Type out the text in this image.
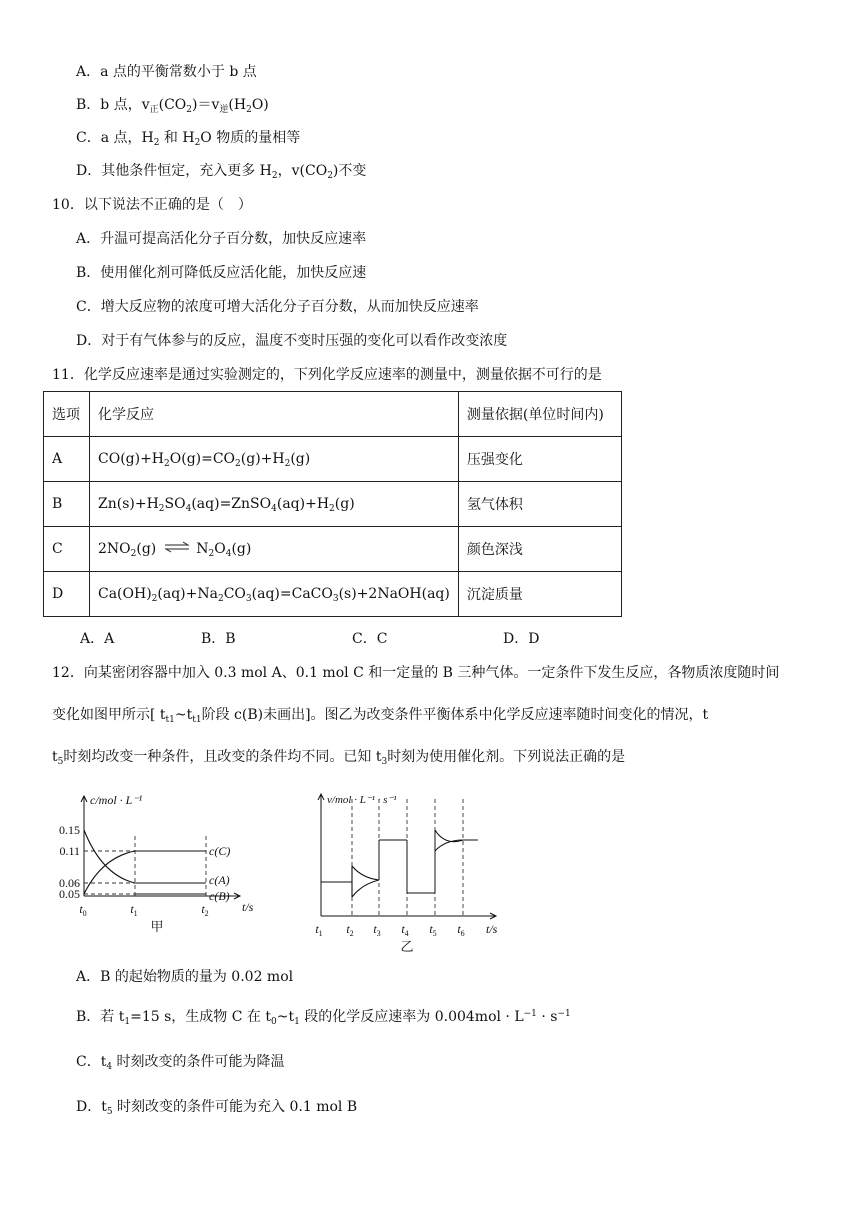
A．a 点的平衡常数小于 b 点
B．b 点，$v_正(CO_2)=v_逆(H_2O)$
C．a 点，$H_2$ 和 $H_2O$ 物质的量相等
D．其他条件恒定，充入更多 $H_2$，$v(CO_2)$不变
10．以下说法不正确的是（　）
A．升温可提高活化分子百分数，加快反应速率
B．使用催化剂可降低反应活化能，加快反应速
C．增大反应物的浓度可增大活化分子百分数，从而加快反应速率
D．对于有气体参与的反应，温度不变时压强的变化可以看作改变浓度
11．化学反应速率是通过实验测定的，下列化学反应速率的测量中，测量依据不可行的是
选项	化学反应	测量依据(单位时间内)
A	$CO(g)+H_2O(g)=CO_2(g)+H_2(g)$	压强变化
B	$Zn(s)+H_2SO_4(aq)=ZnSO_4(aq)+H_2(g)$	氢气体积
C	$2NO_2(g)$ ⇌ $N_2O_4(g)$	颜色深浅
D	$Ca(OH)_2(aq)+Na_2CO_3(aq)=CaCO_3(s)+2NaOH(aq)$	沉淀质量
A．A	B．B	C．C	D．D
12．向某密闭容器中加入 0.3 mol A、0.1 mol C 和一定量的 B 三种气体。一定条件下发生反应，各物质浓度随时间
变化如图甲所示[ $t_{t1}\sim t_{t1}$阶段 c(B)未画出]。图乙为改变条件平衡体系中化学反应速率随时间变化的情况，t
$t_5$时刻均改变一种条件，且改变的条件均不同。已知 $t_3$时刻为使用催化剂。下列说法正确的是
c/mol · L⁻¹
t/s
0.15
0.11
0.06
0.05
$t_0$	$t_1$	$t_2$
c(C)
c(A)
c(B)
甲
v/mol · L⁻¹ · s⁻¹
t/s
$t_1$ $t_2$ $t_3$ $t_4$ $t_5$ $t_6$
乙
A．B 的起始物质的量为 0.02 mol
B．若 $t_1=15$ s，生成物 C 在 $t_0\sim t_1$ 段的化学反应速率为 $0.004mol \cdot L^{-1} \cdot s^{-1}$
C．$t_4$ 时刻改变的条件可能为降温
D．$t_5$ 时刻改变的条件可能为充入 0.1 mol B
